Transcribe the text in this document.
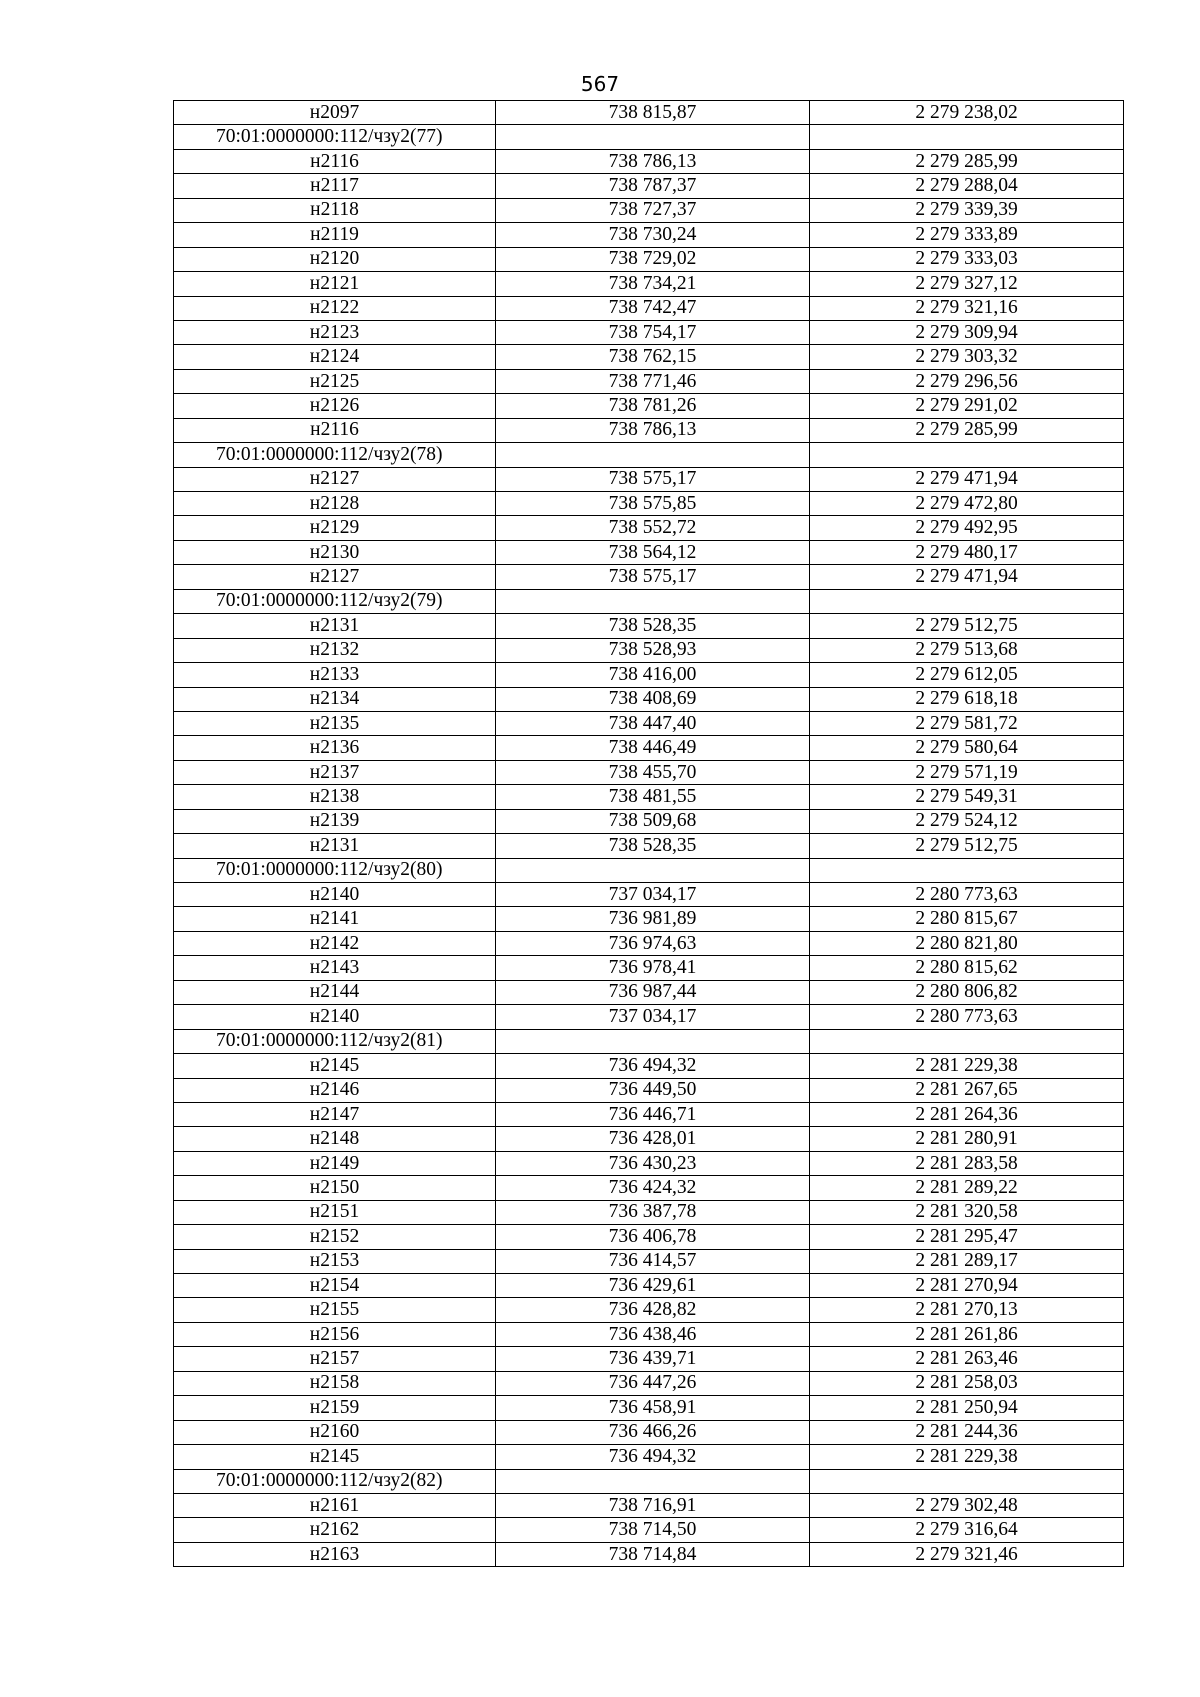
567
н2097	738 815,87	2 279 238,02
70:01:0000000:112/чзу2(77)		
н2116	738 786,13	2 279 285,99
н2117	738 787,37	2 279 288,04
н2118	738 727,37	2 279 339,39
н2119	738 730,24	2 279 333,89
н2120	738 729,02	2 279 333,03
н2121	738 734,21	2 279 327,12
н2122	738 742,47	2 279 321,16
н2123	738 754,17	2 279 309,94
н2124	738 762,15	2 279 303,32
н2125	738 771,46	2 279 296,56
н2126	738 781,26	2 279 291,02
н2116	738 786,13	2 279 285,99
70:01:0000000:112/чзу2(78)		
н2127	738 575,17	2 279 471,94
н2128	738 575,85	2 279 472,80
н2129	738 552,72	2 279 492,95
н2130	738 564,12	2 279 480,17
н2127	738 575,17	2 279 471,94
70:01:0000000:112/чзу2(79)		
н2131	738 528,35	2 279 512,75
н2132	738 528,93	2 279 513,68
н2133	738 416,00	2 279 612,05
н2134	738 408,69	2 279 618,18
н2135	738 447,40	2 279 581,72
н2136	738 446,49	2 279 580,64
н2137	738 455,70	2 279 571,19
н2138	738 481,55	2 279 549,31
н2139	738 509,68	2 279 524,12
н2131	738 528,35	2 279 512,75
70:01:0000000:112/чзу2(80)		
н2140	737 034,17	2 280 773,63
н2141	736 981,89	2 280 815,67
н2142	736 974,63	2 280 821,80
н2143	736 978,41	2 280 815,62
н2144	736 987,44	2 280 806,82
н2140	737 034,17	2 280 773,63
70:01:0000000:112/чзу2(81)		
н2145	736 494,32	2 281 229,38
н2146	736 449,50	2 281 267,65
н2147	736 446,71	2 281 264,36
н2148	736 428,01	2 281 280,91
н2149	736 430,23	2 281 283,58
н2150	736 424,32	2 281 289,22
н2151	736 387,78	2 281 320,58
н2152	736 406,78	2 281 295,47
н2153	736 414,57	2 281 289,17
н2154	736 429,61	2 281 270,94
н2155	736 428,82	2 281 270,13
н2156	736 438,46	2 281 261,86
н2157	736 439,71	2 281 263,46
н2158	736 447,26	2 281 258,03
н2159	736 458,91	2 281 250,94
н2160	736 466,26	2 281 244,36
н2145	736 494,32	2 281 229,38
70:01:0000000:112/чзу2(82)		
н2161	738 716,91	2 279 302,48
н2162	738 714,50	2 279 316,64
н2163	738 714,84	2 279 321,46
